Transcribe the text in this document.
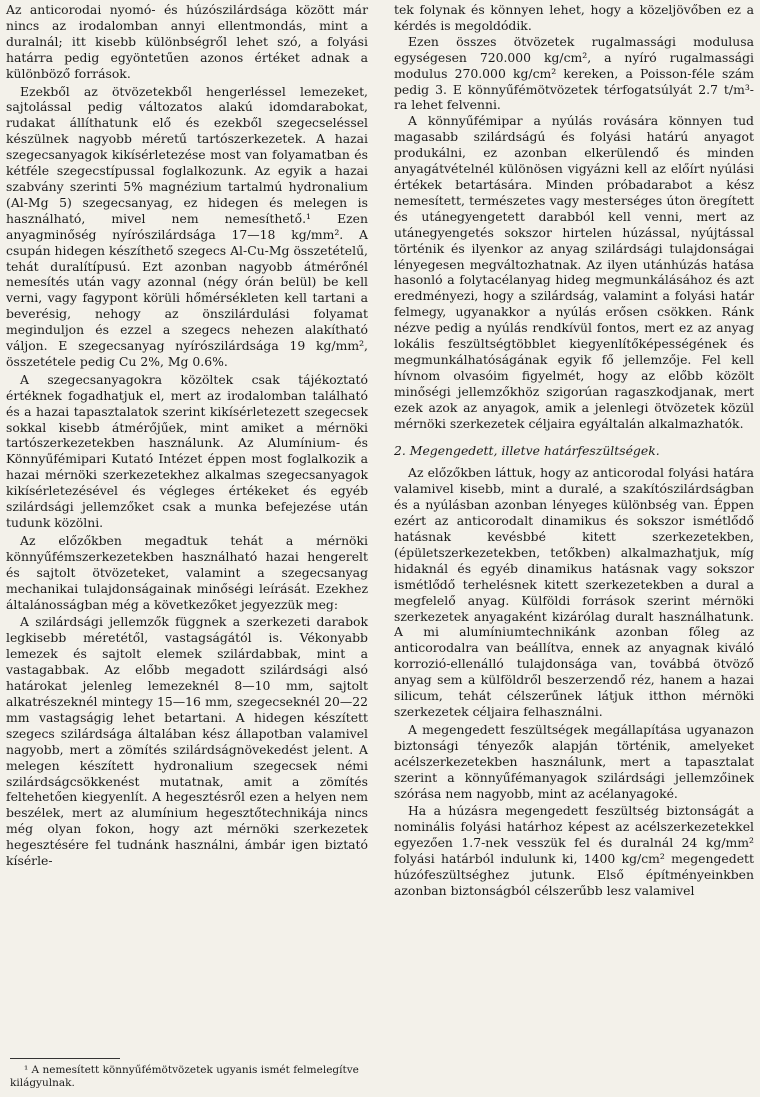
Az anticorodai nyomó- és húzószilárdsága között már nincs az irodalomban annyi ellentmondás, mint a duralnál; itt kisebb különbségről lehet szó, a folyási határra pedig egyöntetűen azonos értéket adnak a különböző források.

Ezekből az ötvözetekből hengerléssel lemezeket, sajtolással pedig változatos alakú idomdarabokat, rudakat állíthatunk elő és ezekből szegecseléssel készülnek nagyobb méretű tartószerkezetek. A hazai szegecsanyagok kikísérletezése most van folyamatban és kétféle szegecstípussal foglalkozunk. Az egyik a hazai szabvány szerinti 5% magnézium tartalmú hydronalium (Al-Mg 5) szegecsanyag, ez hidegen és melegen is használható, mivel nem nemesíthető.¹ Ezen anyagminőség nyírószilárdsága 17—18 kg/mm². A csupán hidegen készíthető szegecs Al-Cu-Mg összetételű, tehát duralítípusú. Ezt azonban nagyobb átmérőnél nemesítés után vagy azonnal (négy órán belül) be kell verni, vagy fagypont körüli hőmérsékleten kell tartani a beverésig, nehogy az önszilárdulási folyamat meginduljon és ezzel a szegecs nehezen alakítható váljon. E szegecsanyag nyírószilárdsága 19 kg/mm², összetétele pedig Cu 2%, Mg 0.6%.

A szegecsanyagokra közöltek csak tájékoztató értéknek fogadhatjuk el, mert az irodalomban található és a hazai tapasztalatok szerint kikísérletezett szegecsek sokkal kisebb átmérőjűek, mint amiket a mérnöki tartószerkezetekben használunk. Az Alumínium- és Könnyűfémipari Kutató Intézet éppen most foglalkozik a hazai mérnöki szerkezetekhez alkalmas szegecsanyagok kikísérletezésével és végleges értékeket és egyéb szilárdsági jellemzőket csak a munka befejezése után tudunk közölni.

Az előzőkben megadtuk tehát a mérnöki könnyűfémszerkezetekben használható hazai hengerelt és sajtolt ötvözeteket, valamint a szegecsanyag mechanikai tulajdonságainak minőségi leírását. Ezekhez általánosságban még a következőket jegyezzük meg:

A szilárdsági jellemzők függnek a szerkezeti darabok legkisebb méretétől, vastagságától is. Vékonyabb lemezek és sajtolt elemek szilárdabbak, mint a vastagabbak. Az előbb megadott szilárdsági alsó határokat jelenleg lemezeknél 8—10 mm, sajtolt alkatrészeknél mintegy 15—16 mm, szegecseknél 20—22 mm vastagságig lehet betartani. A hidegen készített szegecs szilárdsága általában kész állapotban valamivel nagyobb, mert a zömítés szilárdságnövekedést jelent. A melegen készített hydronalium szegecsek némi szilárdságcsökkenést mutatnak, amit a zömítés feltehetően kiegyenlít. A hegesztésről ezen a helyen nem beszélek, mert az alumínium hegesztőtechnikája nincs még olyan fokon, hogy azt mérnöki szerkezetek hegesztésére fel tudnánk használni, ámbár igen biztató kísérle-

tek folynak és könnyen lehet, hogy a közeljövőben ez a kérdés is megoldódik.

Ezen összes ötvözetek rugalmassági modulusa egységesen 720.000 kg/cm², a nyíró rugalmassági modulus 270.000 kg/cm² kereken, a Poisson-féle szám pedig 3. E könnyűfémötvözetek térfogatsúlyát 2.7 t/m³-ra lehet felvenni.

A könnyűfémipar a nyúlás rovására könnyen tud magasabb szilárdságú és folyási határú anyagot produkálni, ez azonban elkerülendő és minden anyagátvételnél különösen vigyázni kell az előírt nyúlási értékek betartására. Minden próbadarabot a kész nemesített, természetes vagy mesterséges úton öregített és utánegyengetett darabból kell venni, mert az utánegyengetés sokszor hirtelen húzással, nyújtással történik és ilyenkor az anyag szilárdsági tulajdonságai lényegesen megváltozhatnak. Az ilyen utánhúzás hatása hasonló a folytacélanyag hideg megmunkálásához és azt eredményezi, hogy a szilárdság, valamint a folyási határ felmegy, ugyanakkor a nyúlás erősen csökken. Ránk nézve pedig a nyúlás rendkívül fontos, mert ez az anyag lokális feszültségtöbblet kiegyenlítőképességének és megmunkálhatóságának egyik fő jellemzője. Fel kell hívnom olvasóim figyelmét, hogy az előbb közölt minőségi jellemzőkhöz szigorúan ragaszkodjanak, mert ezek azok az anyagok, amik a jelenlegi ötvözetek közül mérnöki szerkezetek céljaira egyáltalán alkalmazhatók.

2. Megengedett, illetve határfeszültségek.

Az előzőkben láttuk, hogy az anticorodal folyási határa valamivel kisebb, mint a duralé, a szakítószilárdságban és a nyúlásban azonban lényeges különbség van. Éppen ezért az anticorodalt dinamikus és sokszor ismétlődő hatásnak kevésbbé kitett szerkezetekben, (épületszerkezetekben, tetőkben) alkalmazhatjuk, míg hidaknál és egyéb dinamikus hatásnak vagy sokszor ismétlődő terhelésnek kitett szerkezetekben a dural a megfelelő anyag. Külföldi források szerint mérnöki szerkezetek anyagaként kizárólag duralt használhatunk. A mi alumíniumtechnikánk azonban főleg az anticorodalra van beállítva, ennek az anyagnak kiváló korrozió-ellenálló tulajdonsága van, továbbá ötvöző anyag sem a külföldről beszerzendő réz, hanem a hazai silicum, tehát célszerűnek látjuk itthon mérnöki szerkezetek céljaira felhasználni.

A megengedett feszültségek megállapítása ugyanazon biztonsági tényezők alapján történik, amelyeket acélszerkezetekben használunk, mert a tapasztalat szerint a könnyűfémanyagok szilárdsági jellemzőinek szórása nem nagyobb, mint az acélanyagoké.

Ha a húzásra megengedett feszültség biztonságát a nominális folyási határhoz képest az acélszerkezetekkel egyezően 1.7-nek vesszük fel és duralnál 24 kg/mm² folyási határból indulunk ki, 1400 kg/cm² megengedett húzófeszültséghez jutunk. Első építményeinkben azonban biztonságból célszerűbb lesz valamivel

¹ A nemesített könnyűfémötvözetek ugyanis ismét felmelegítve kilágyulnak.
